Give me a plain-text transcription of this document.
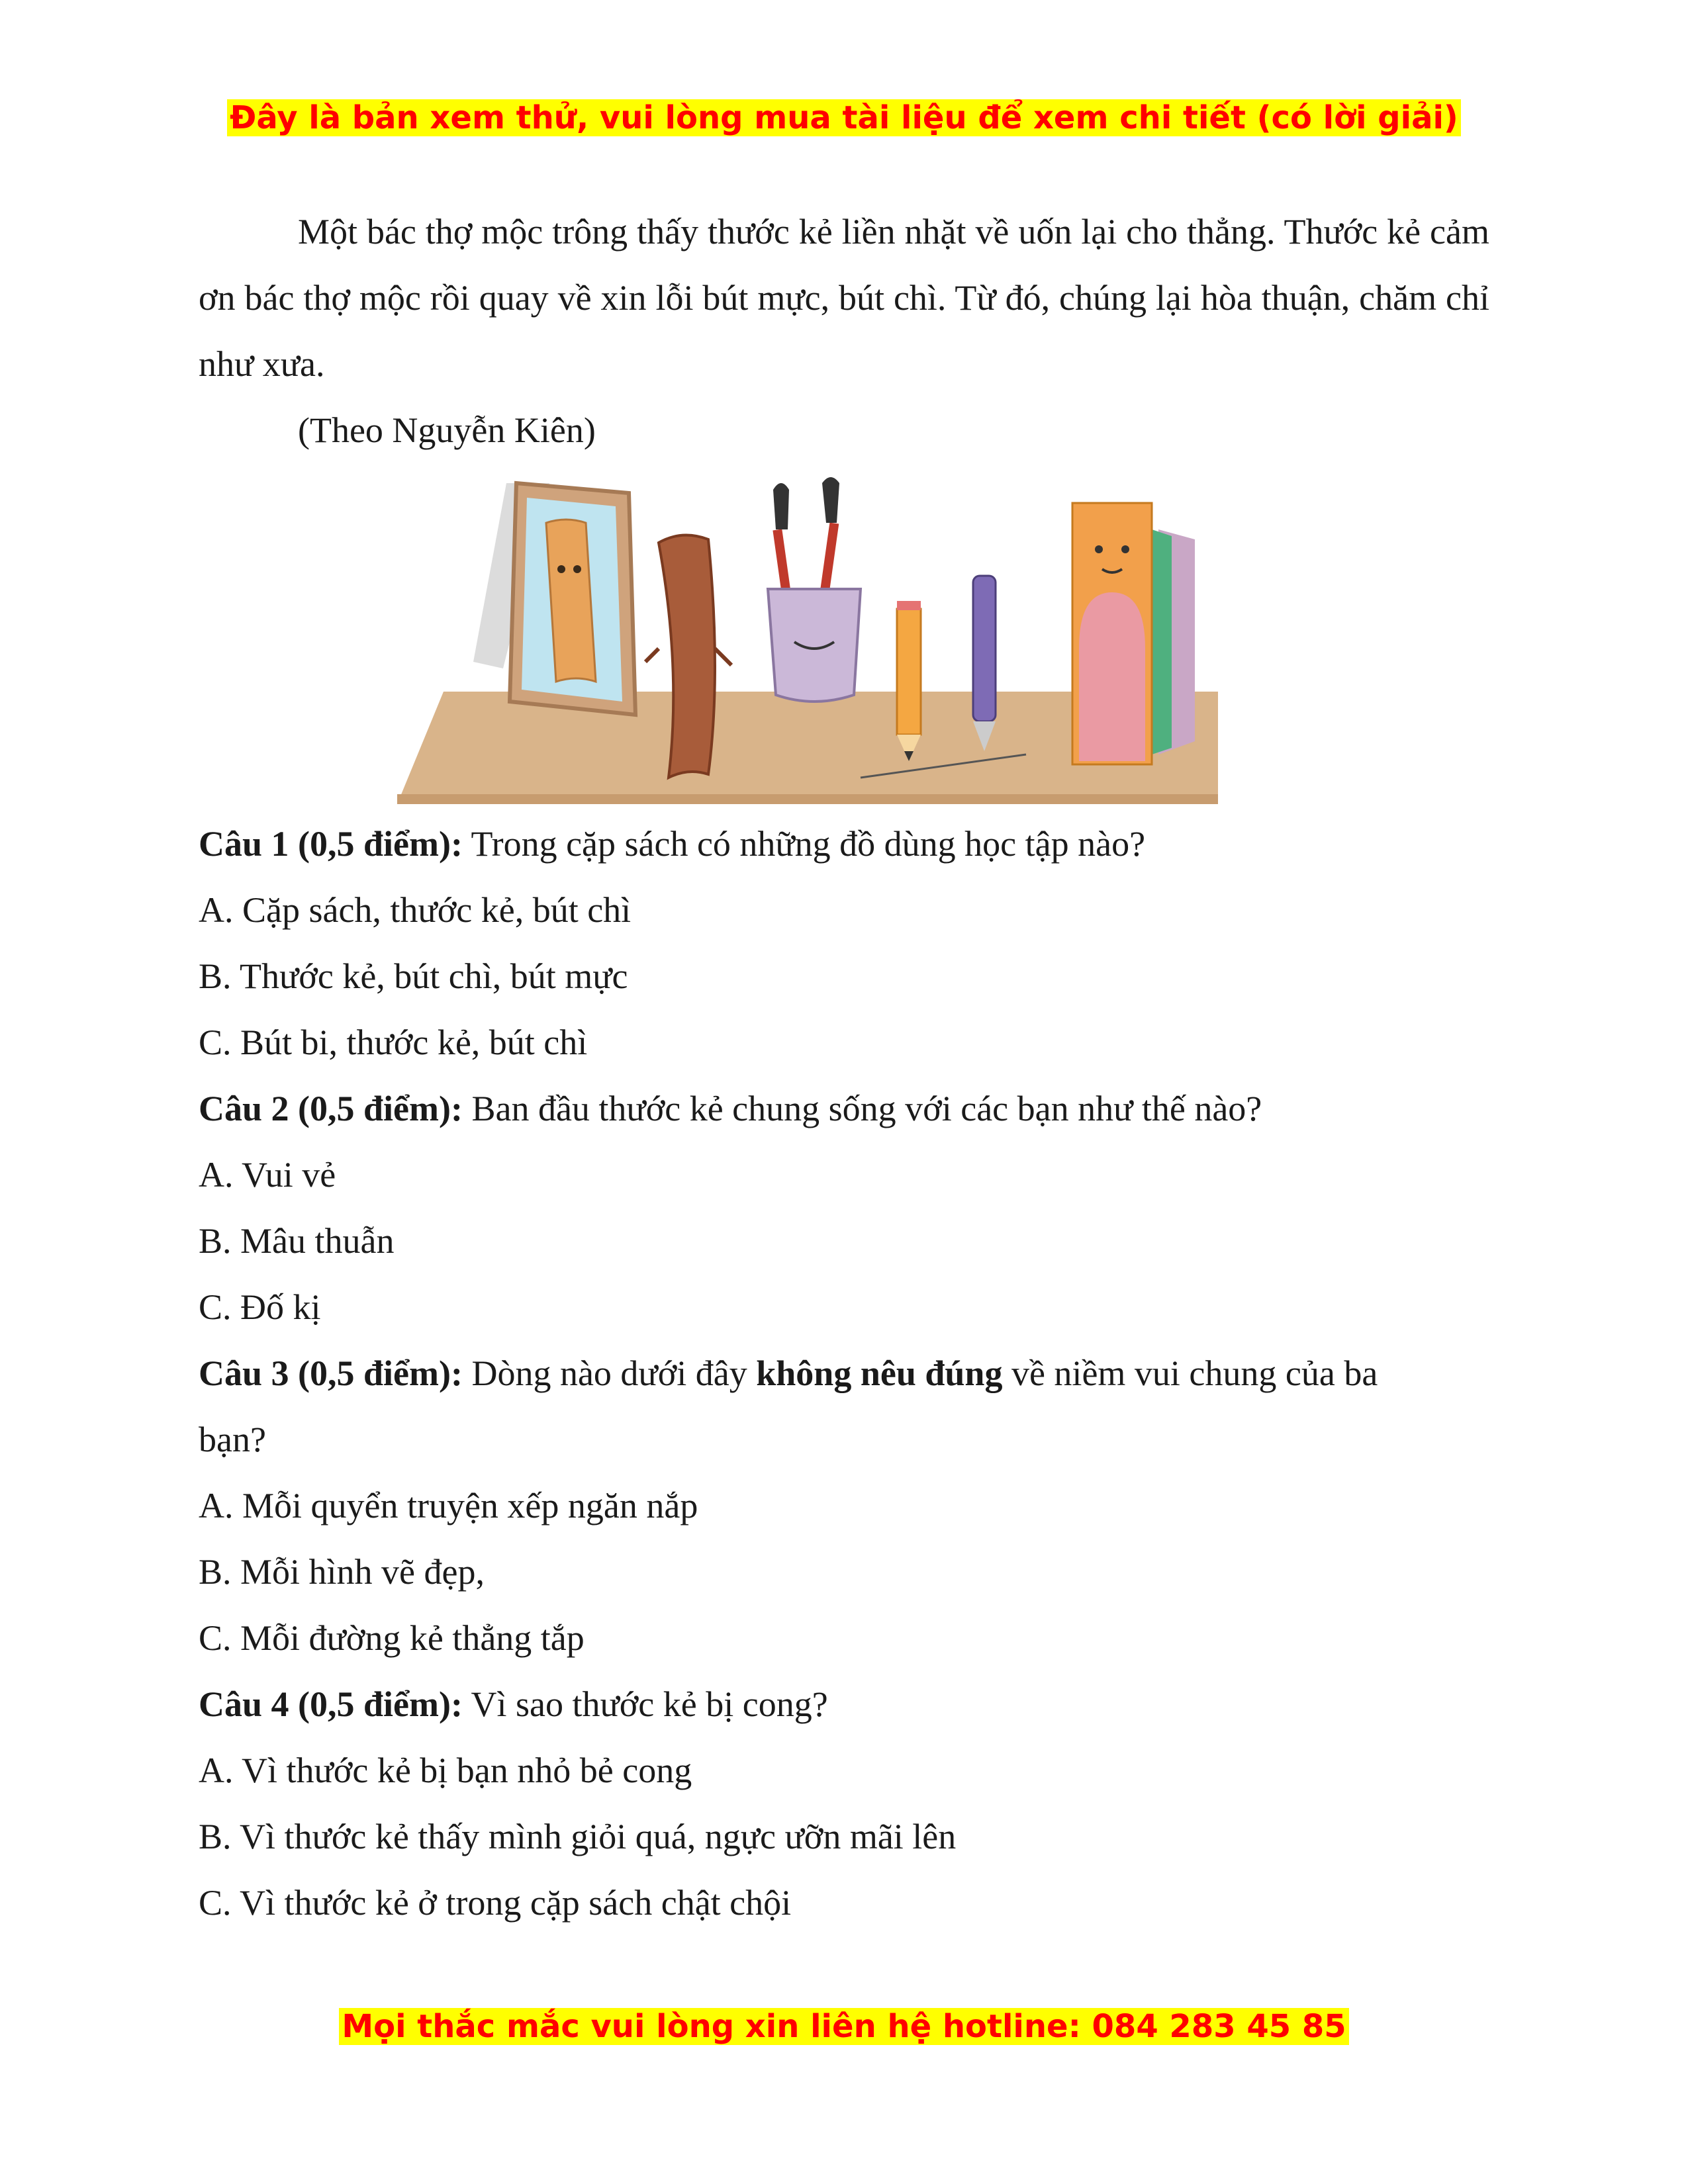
Đây là bản xem thử, vui lòng mua tài liệu để xem chi tiết (có lời giải)

Một bác thợ mộc trông thấy thước kẻ liền nhặt về uốn lại cho thẳng. Thước kẻ cảm ơn bác thợ mộc rồi quay về xin lỗi bút mực, bút chì. Từ đó, chúng lại hòa thuận, chăm chỉ như xưa.

(Theo Nguyễn Kiên)

Câu 1 (0,5 điểm): Trong cặp sách có những đồ dùng học tập nào?
A. Cặp sách, thước kẻ, bút chì
B. Thước kẻ, bút chì, bút mực
C. Bút bi, thước kẻ, bút chì
Câu 2 (0,5 điểm): Ban đầu thước kẻ chung sống với các bạn như thế nào?
A. Vui vẻ
B. Mâu thuẫn
C. Đố kị
Câu 3 (0,5 điểm): Dòng nào dưới đây không nêu đúng về niềm vui chung của ba
bạn?
A. Mỗi quyển truyện xếp ngăn nắp
B. Mỗi hình vẽ đẹp,
C. Mỗi đường kẻ thẳng tắp
Câu 4 (0,5 điểm): Vì sao thước kẻ bị cong?
A. Vì thước kẻ bị bạn nhỏ bẻ cong
B. Vì thước kẻ thấy mình giỏi quá, ngực ưỡn mãi lên
C. Vì thước kẻ ở trong cặp sách chật chội
Mọi thắc mắc vui lòng xin liên hệ hotline: 084 283 45 85
